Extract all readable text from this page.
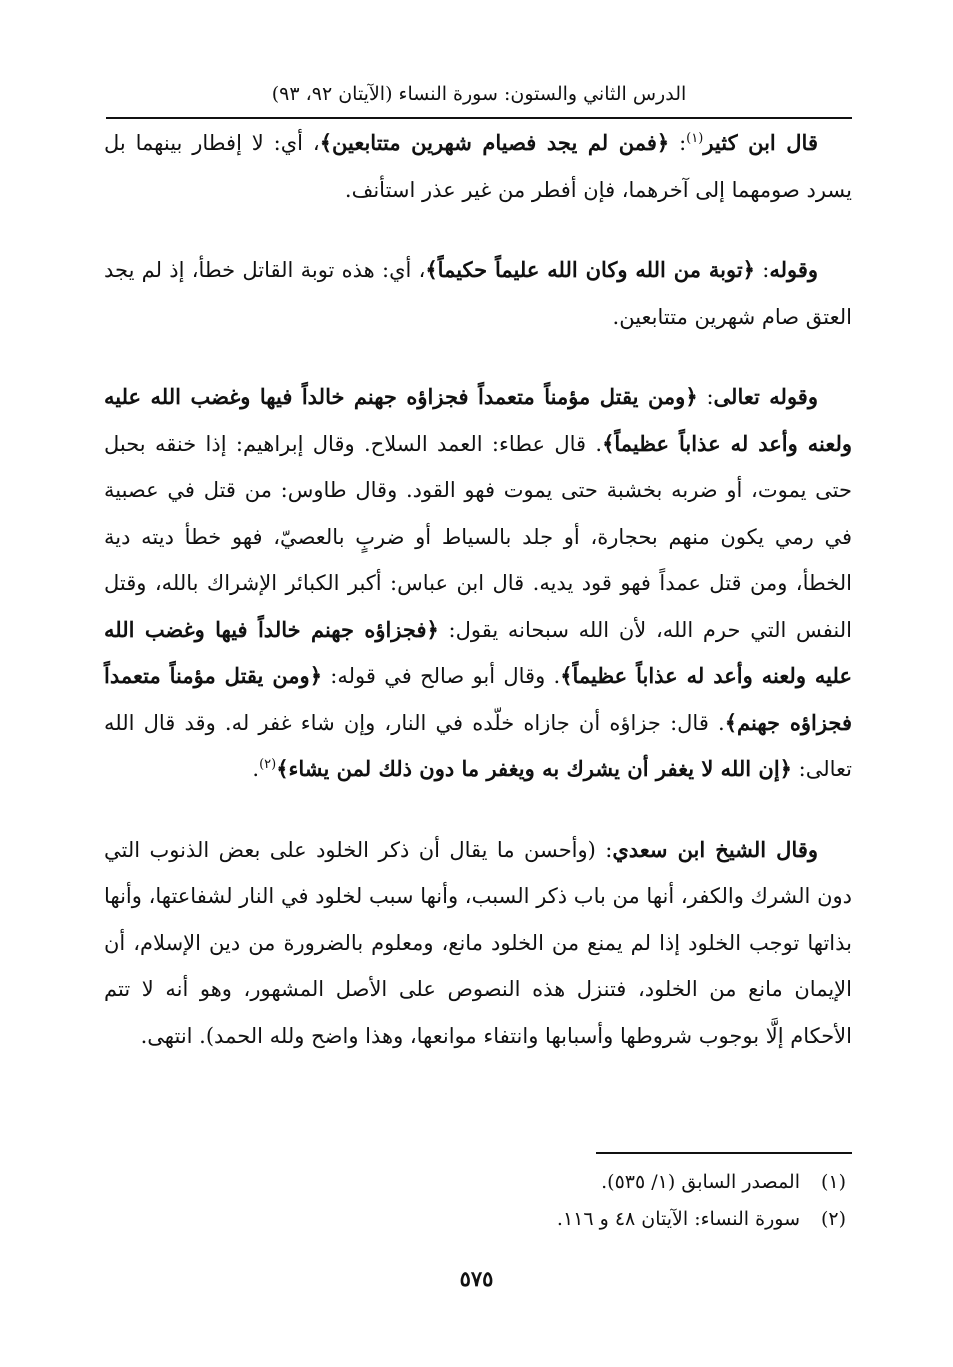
الدرس الثاني والستون: سورة النساء (الآيتان ٩٢، ٩٣)

قال ابن كثير$^{(١)}$: ﴿فمن لم يجد فصيام شهرين متتابعين﴾، أي: لا إفطار بينهما بل يسرد صومهما إلى آخرهما، فإن أفطر من غير عذر استأنف.

وقوله: ﴿توبة من الله وكان الله عليماً حكيماً﴾، أي: هذه توبة القاتل خطأ، إذ لم يجد العتق صام شهرين متتابعين.

وقوله تعالى: ﴿ومن يقتل مؤمناً متعمداً فجزاؤه جهنم خالداً فيها وغضب الله عليه ولعنه وأعد له عذاباً عظيماً﴾. قال عطاء: العمد السلاح. وقال إبراهيم: إذا خنقه بحبل حتى يموت، أو ضربه بخشبة حتى يموت فهو القود. وقال طاوس: من قتل في عصبية في رمي يكون منهم بحجارة، أو جلد بالسياط أو ضربٍ بالعصيّ، فهو خطأ ديته دية الخطأ، ومن قتل عمداً فهو قود يديه. قال ابن عباس: أكبر الكبائر الإشراك بالله، وقتل النفس التي حرم الله، لأن الله سبحانه يقول: ﴿فجزاؤه جهنم خالداً فيها وغضب الله عليه ولعنه وأعد له عذاباً عظيماً﴾. وقال أبو صالح في قوله: ﴿ومن يقتل مؤمناً متعمداً فجزاؤه جهنم﴾. قال: جزاؤه أن جازاه خلّده في النار، وإن شاء غفر له. وقد قال الله تعالى: ﴿إن الله لا يغفر أن يشرك به ويغفر ما دون ذلك لمن يشاء﴾$^{(٢)}$.

وقال الشيخ ابن سعدي: (وأحسن ما يقال أن ذكر الخلود على بعض الذنوب التي دون الشرك والكفر، أنها من باب ذكر السبب، وأنها سبب لخلود في النار لشفاعتها، وأنها بذاتها توجب الخلود إذا لم يمنع من الخلود مانع، ومعلوم بالضرورة من دين الإسلام، أن الإيمان مانع من الخلود، فتنزل هذه النصوص على الأصل المشهور، وهو أنه لا تتم الأحكام إلَّا بوجوب شروطها وأسبابها وانتفاء موانعها، وهذا واضح ولله الحمد). انتهى.

(١)المصدر السابق (١/ ٥٣٥).

(٢)سورة النساء: الآيتان ٤٨ و ١١٦.

٥٧٥
